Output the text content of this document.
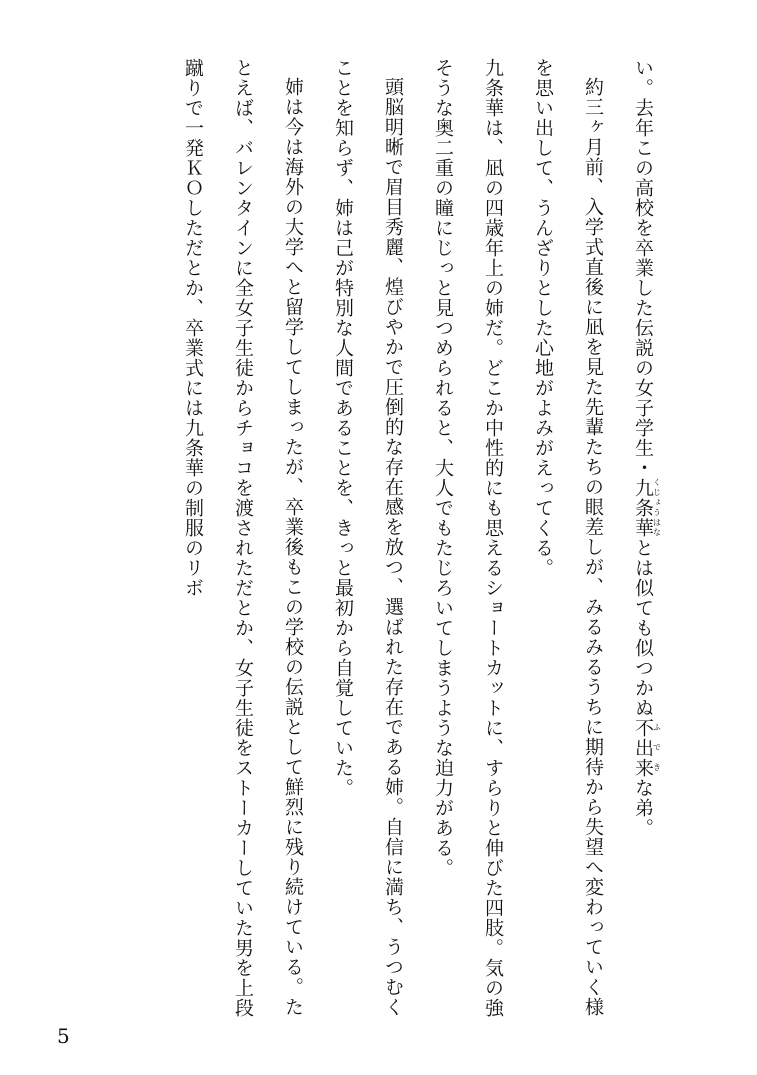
い。去年この高校を卒業した伝説の女子学生・九条華くじょうはなとは似ても似つかぬ不出来ふできな弟。

約三ヶ月前、入学式直後に凪を見た先輩たちの眼差しが、みるみるうちに期待から失望へ変わっていく様を思い出して、うんざりとした心地がよみがえってくる。

九条華は、凪の四歳年上の姉だ。どこか中性的にも思えるショートカットに、すらりと伸びた四肢。気の強そうな奥二重の瞳にじっと見つめられると、大人でもたじろいてしまうような迫力がある。

頭脳明晰で眉目秀麗、煌びやかで圧倒的な存在感を放つ、選ばれた存在である姉。自信に満ち、うつむくことを知らず、姉は己が特別な人間であることを、きっと最初から自覚していた。

姉は今は海外の大学へと留学してしまったが、卒業後もこの学校の伝説として鮮烈に残り続けている。たとえば、バレンタインに全女子生徒からチョコを渡されただとか、女子生徒をストーカーしていた男を上段蹴りで一発ＫＯしただとか、卒業式には九条華の制服のリボ

5
